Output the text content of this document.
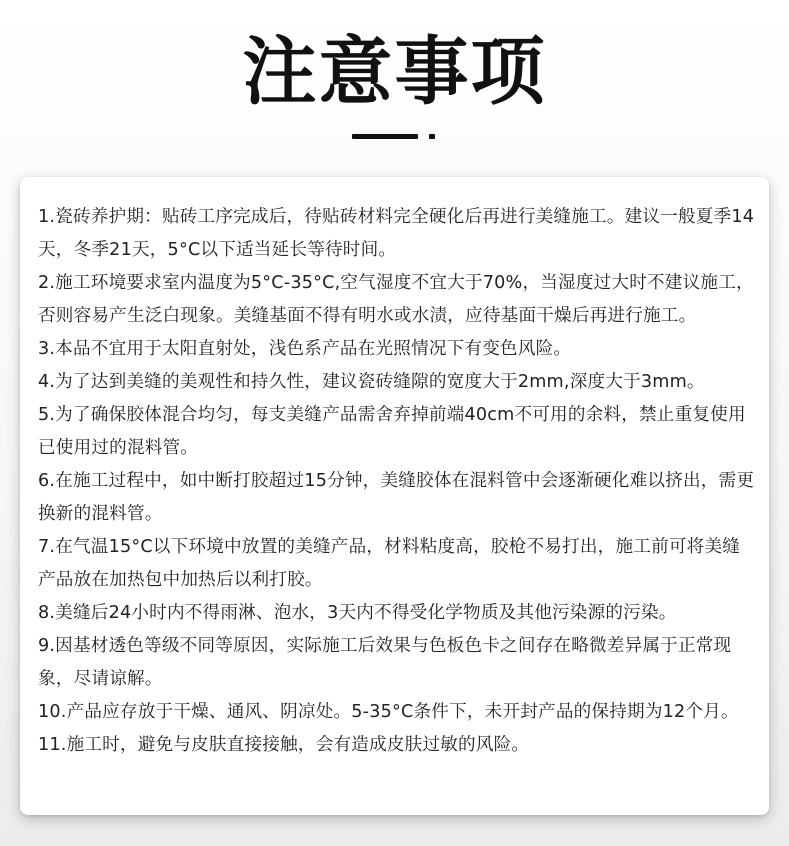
注意事项
1.瓷砖养护期：贴砖工序完成后，待贴砖材料完全硬化后再进行美缝施工。建议一般夏季14天，冬季21天，5°C以下适当延长等待时间。
2.施工环境要求室内温度为5°C-35°C,空气湿度不宜大于70%，当湿度过大时不建议施工，否则容易产生泛白现象。美缝基面不得有明水或水渍，应待基面干燥后再进行施工。
3.本品不宜用于太阳直射处，浅色系产品在光照情况下有变色风险。
4.为了达到美缝的美观性和持久性，建议瓷砖缝隙的宽度大于2mm,深度大于3mm。
5.为了确保胶体混合均匀，每支美缝产品需舍弃掉前端40cm不可用的余料，禁止重复使用已使用过的混料管。
6.在施工过程中，如中断打胶超过15分钟，美缝胶体在混料管中会逐渐硬化难以挤出，需更换新的混料管。
7.在气温15°C以下环境中放置的美缝产品，材料粘度高，胶枪不易打出，施工前可将美缝产品放在加热包中加热后以利打胶。
8.美缝后24小时内不得雨淋、泡水，3天内不得受化学物质及其他污染源的污染。
9.因基材透色等级不同等原因，实际施工后效果与色板色卡之间存在略微差异属于正常现象，尽请谅解。
10.产品应存放于干燥、通风、阴凉处。5-35°C条件下，未开封产品的保持期为12个月。
11.施工时，避免与皮肤直接接触，会有造成皮肤过敏的风险。
